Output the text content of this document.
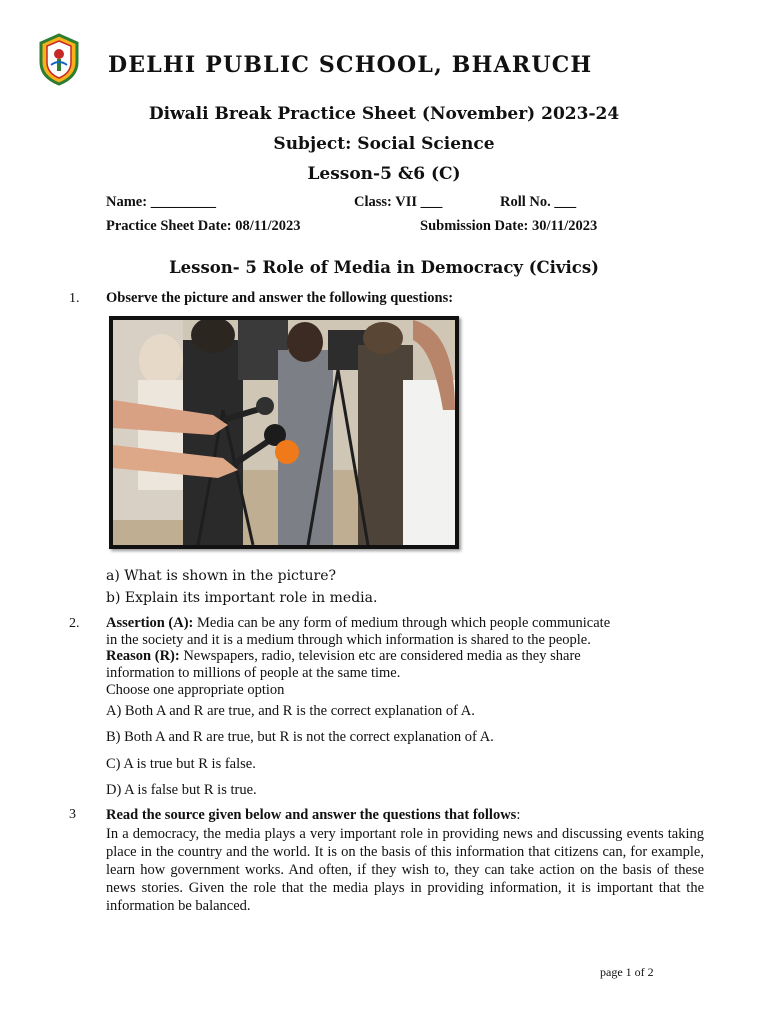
DELHI PUBLIC SCHOOL, BHARUCH
Diwali Break Practice Sheet (November) 2023-24
Subject: Social Science
Lesson-5 &6 (C)
Name: _________	Class: VII ___	Roll No. ___
Practice Sheet Date: 08/11/2023	Submission Date: 30/11/2023
Lesson- 5 Role of Media in Democracy (Civics)
1. Observe the picture and answer the following questions:
a) What is shown in the picture?
b) Explain its important role in media.
2. Assertion (A): Media can be any form of medium through which people communicate
in the society and it is a medium through which information is shared to the people.
Reason (R): Newspapers, radio, television etc are considered media as they share
information to millions of people at the same time.
Choose one appropriate option
A) Both A and R are true, and R is the correct explanation of A.
B) Both A and R are true, but R is not the correct explanation of A.
C) A is true but R is false.
D) A is false but R is true.
3 Read the source given below and answer the questions that follows:
In a democracy, the media plays a very important role in providing news and discussing events taking place in the country and the world. It is on the basis of this information that citizens can, for example, learn how government works. And often, if they wish to, they can take action on the basis of these news stories. Given the role that the media plays in providing information, it is important that the information be balanced.
page 1 of 2
